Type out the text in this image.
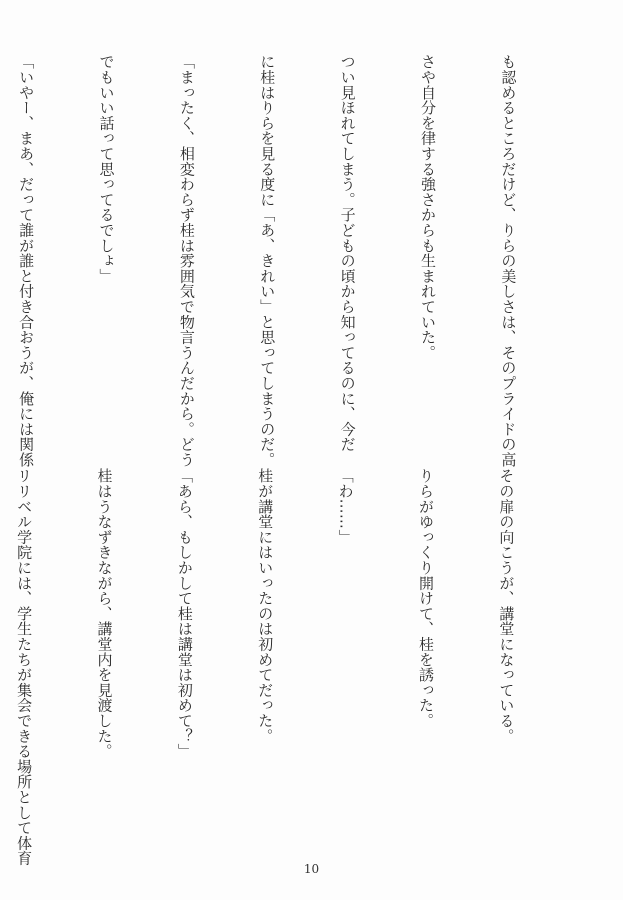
も認めるところだけど、りらの美しさは、そのプライドの高

さや自分を律する強さからも生まれていた。

つい見ほれてしまう。子どもの頃から知ってるのに、今だ

に桂はりらを見る度に「あ、きれい」と思ってしまうのだ。

「まったく、相変わらず桂は雰囲気で物言うんだから。どう

でもいい話って思ってるでしょ」

「いやー、まあ、だって誰が誰と付き合おうが、俺には関係

その扉の向こうが、講堂になっている。

りらがゆっくり開けて、桂を誘った。

「わ……」

桂が講堂にはいったのは初めてだった。

「あら、もしかして桂は講堂は初めて？」

桂はうなずきながら、講堂内を見渡した。

リリベル学院には、学生たちが集会できる場所として体育

10
